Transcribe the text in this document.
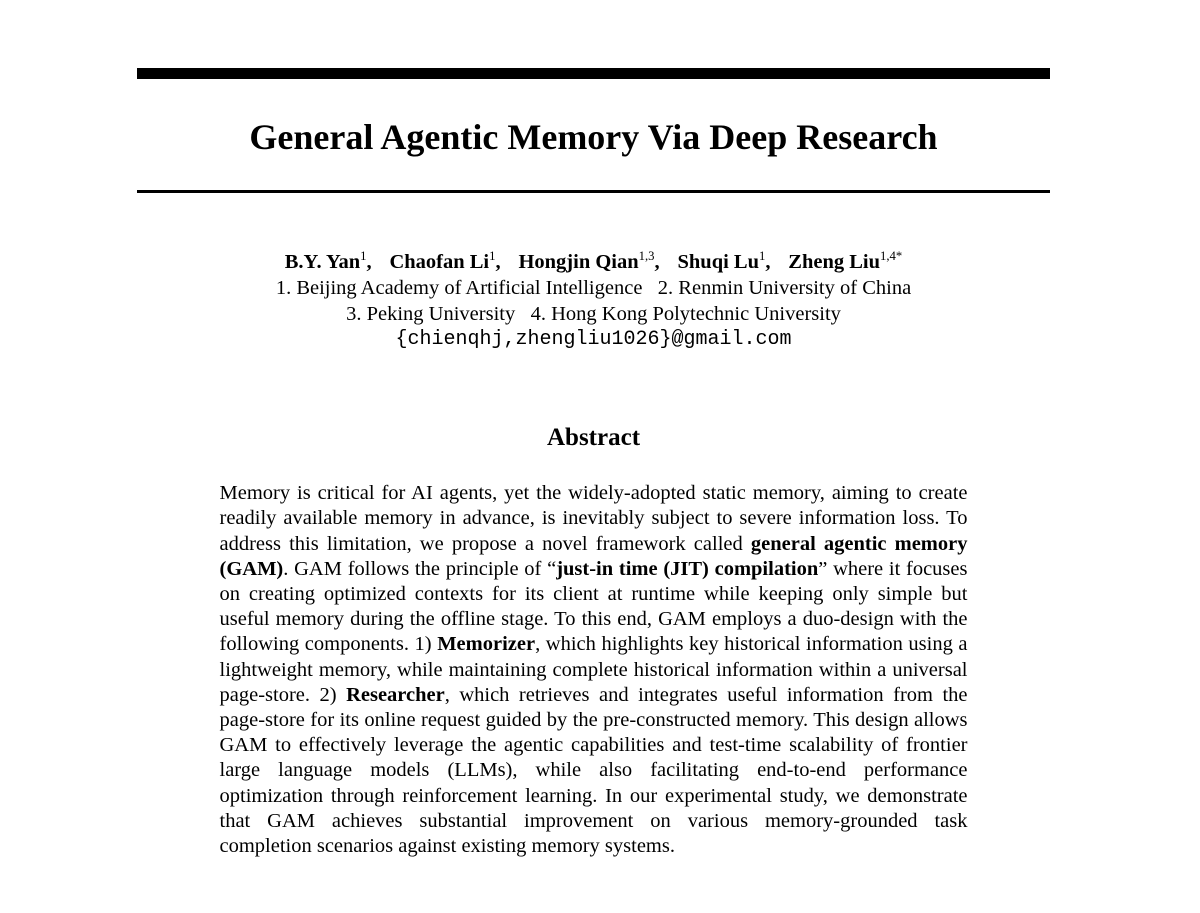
General Agentic Memory Via Deep Research
B.Y. Yan$^1$, Chaofan Li$^1$, Hongjin Qian$^{1,3}$, Shuqi Lu$^1$, Zheng Liu$^{1,4*}$
1. Beijing Academy of Artificial Intelligence   2. Renmin University of China
3. Peking University   4. Hong Kong Polytechnic University
{chienqhj,zhengliu1026}@gmail.com
Abstract

Memory is critical for AI agents, yet the widely-adopted static memory, aiming to create readily available memory in advance, is inevitably subject to severe information loss. To address this limitation, we propose a novel framework called general agentic memory (GAM). GAM follows the principle of “just-in time (JIT) compilation” where it focuses on creating optimized contexts for its client at runtime while keeping only simple but useful memory during the offline stage. To this end, GAM employs a duo-design with the following components. 1) Memorizer, which highlights key historical information using a lightweight memory, while maintaining complete historical information within a universal page-store. 2) Researcher, which retrieves and integrates useful information from the page-store for its online request guided by the pre-constructed memory. This design allows GAM to effectively leverage the agentic capabilities and test-time scalability of frontier large language models (LLMs), while also facilitating end-to-end performance optimization through reinforcement learning. In our experimental study, we demonstrate that GAM achieves substantial improvement on various memory-grounded task completion scenarios against existing memory systems.
